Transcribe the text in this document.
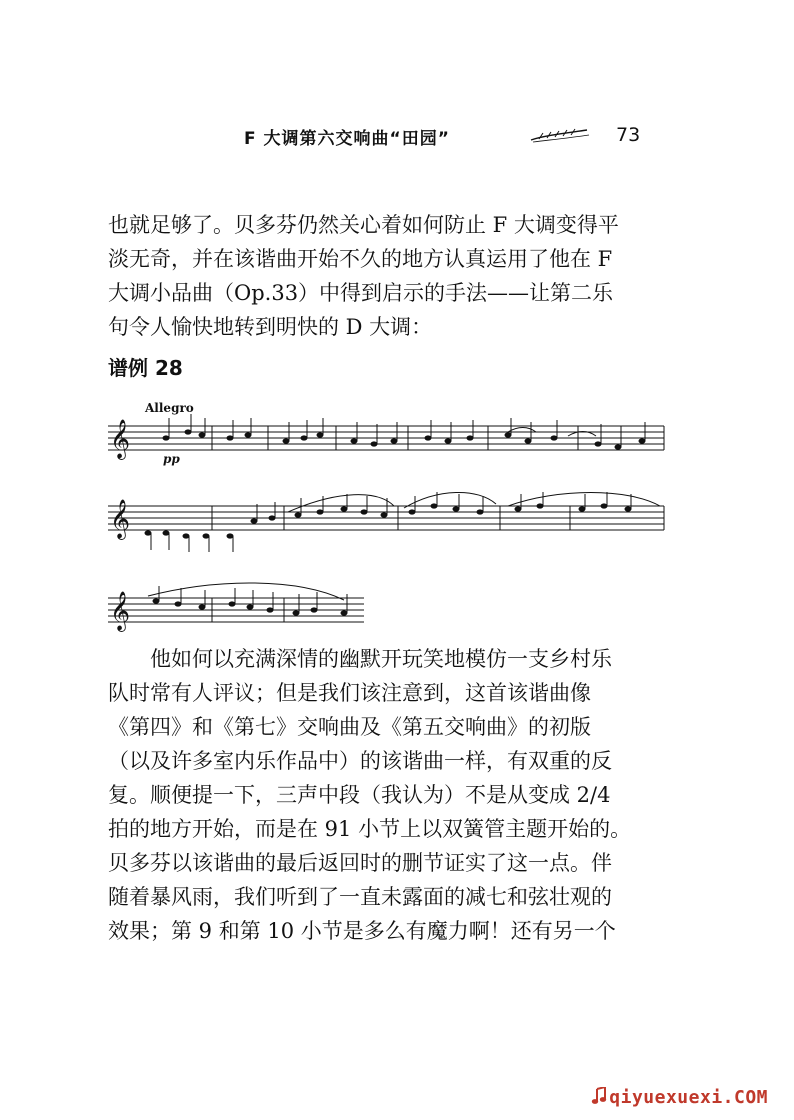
F 大调第六交响曲“田园”	73
也就足够了。贝多芬仍然关心着如何防止 F 大调变得平
淡无奇，并在该谐曲开始不久的地方认真运用了他在 F
大调小品曲（Op.33）中得到启示的手法——让第二乐
句令人愉快地转到明快的 D 大调：
谱例 28
Allegro
pp
𝄞
𝄞
𝄞
他如何以充满深情的幽默开玩笑地模仿一支乡村乐
队时常有人评议；但是我们该注意到，这首该谐曲像
《第四》和《第七》交响曲及《第五交响曲》的初版
（以及许多室内乐作品中）的该谐曲一样，有双重的反
复。顺便提一下，三声中段（我认为）不是从变成 2/4
拍的地方开始，而是在 91 小节上以双簧管主题开始的。
贝多芬以该谐曲的最后返回时的删节证实了这一点。伴
随着暴风雨，我们听到了一直未露面的减七和弦壮观的
效果；第 9 和第 10 小节是多么有魔力啊！还有另一个
qiyuexuexi.COM
